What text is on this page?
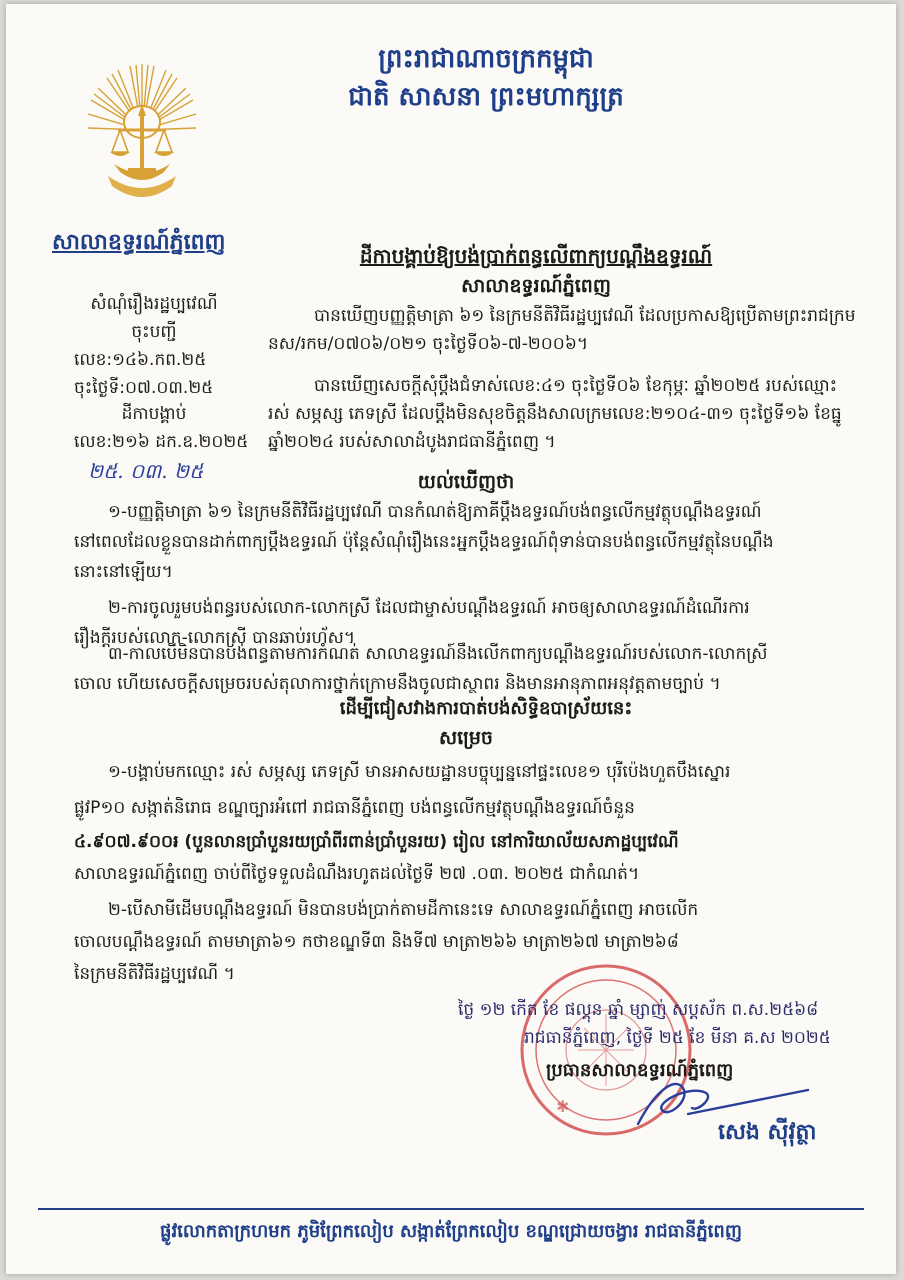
ព្រះរាជាណាចក្រកម្ពុជា
ជាតិ សាសនា ព្រះមហាក្សត្រ
សាលាឧទ្ធរណ៍ភ្នំពេញ
សំណុំរឿងរដ្ឋប្បវេណី
ចុះបញ្ជី
លេខ:១៤៦.កព.២៥
ចុះថ្ងៃទី:០៧.០៣.២៥
ដីកាបង្គាប់
លេខ:២១៦ ដក.ឧ.២០២៥
២៥. ០៣. ២៥
ដីកាបង្គាប់ឱ្យបង់ប្រាក់ពន្ធលើពាក្យបណ្តឹងឧទ្ធរណ៍
សាលាឧទ្ធរណ៍ភ្នំពេញ
បានឃើញបញ្ញត្តិមាត្រា ៦១ នៃក្រមនីតិវិធីរដ្ឋប្បវេណី ដែលប្រកាសឱ្យប្រើតាមព្រះរាជក្រម
នស/រកម/០៧០៦/០២១ ចុះថ្ងៃទី០៦-៧-២០០៦។
បានឃើញសេចក្តីសុំប្តឹងជំទាស់លេខ:៤១ ចុះថ្ងៃទី០៦ ខែកុម្ភៈ ឆ្នាំ២០២៥ របស់ឈ្មោះ
រស់ សម្ភស្ស ភេទស្រី ដែលប្តឹងមិនសុខចិត្តនឹងសាលក្រមលេខ:២១០៤-៣១ ចុះថ្ងៃទី១៦ ខែធ្នូ
ឆ្នាំ២០២៤ របស់សាលាដំបូងរាជធានីភ្នំពេញ ។
យល់ឃើញថា
១-បញ្ញត្តិមាត្រា ៦១ នៃក្រមនីតិវិធីរដ្ឋប្បវេណី បានកំណត់ឱ្យភាគីប្តឹងឧទ្ធរណ៍បង់ពន្ធលើកម្មវត្ថុបណ្តឹងឧទ្ធរណ៍
នៅពេលដែលខ្លួនបានដាក់ពាក្យប្តឹងឧទ្ធរណ៍ ប៉ុន្តែសំណុំរឿងនេះអ្នកប្តឹងឧទ្ធរណ៍ពុំទាន់បានបង់ពន្ធលើកម្មវត្ថុនៃបណ្តឹង
នោះនៅឡើយ។
២-ការចូលរួមបង់ពន្ធរបស់លោក-លោកស្រី ដែលជាម្ចាស់បណ្តឹងឧទ្ធរណ៍ អាចឲ្យសាលាឧទ្ធរណ៍ដំណើរការ
រឿងក្តីរបស់លោក-លោកស្រី បានឆាប់រហ័ស។
៣-កាលបើមិនបានបង់ពន្ធតាមការកំណត់ សាលាឧទ្ធរណ៍នឹងលើកពាក្យបណ្តឹងឧទ្ធរណ៍របស់លោក-លោកស្រី
ចោល ហើយសេចក្តីសម្រេចរបស់តុលាការថ្នាក់ក្រោមនឹងចូលជាស្ថាពរ និងមានអានុភាពអនុវត្តតាមច្បាប់ ។
ដើម្បីជៀសវាងការបាត់បង់សិទ្ធិឧបាស្រ័យនេះ
សម្រេច
១-បង្គាប់មកឈ្មោះ រស់ សម្ភស្ស ភេទស្រី មានអាសយដ្ឋានបច្ចុប្បន្ននៅផ្ទះលេខ១ បុរីប៉េងហួតបឹងស្នោរ
ផ្លូវP១០ សង្កាត់និរោធ ខណ្ឌច្បារអំពៅ រាជធានីភ្នំពេញ បង់ពន្ធលើកម្មវត្ថុបណ្តឹងឧទ្ធរណ៍ចំនួន
៤.៩០៧.៩០០៛ (បួនលានប្រាំបួនរយប្រាំពីរពាន់ប្រាំបួនរយ) រៀល នៅការិយាល័យសភាដ្ឋប្បវេណី
សាលាឧទ្ធរណ៍ភ្នំពេញ ចាប់ពីថ្ងៃទទួលដំណឹងរហូតដល់ថ្ងៃទី ២៧ .០៣. ២០២៥ ជាកំណត់។
២-បើសាមីដើមបណ្តឹងឧទ្ធរណ៍ មិនបានបង់ប្រាក់តាមដីកានេះទេ សាលាឧទ្ធរណ៍ភ្នំពេញ អាចលើក
ចោលបណ្តឹងឧទ្ធរណ៍ តាមមាត្រា៦១ កថាខណ្ឌទី៣ និងទី៧ មាត្រា២៦៦ មាត្រា២៦៧ មាត្រា២៦៨
នៃក្រមនីតិវិធីរដ្ឋប្បវេណី ។
✱
ថ្ងៃ ១២ កើត ខែ ផល្គុន ឆ្នាំ ម្សាញ់ សប្តស័ក ព.ស.២៥៦៨
រាជធានីភ្នំពេញ, ថ្ងៃទី ២៥ ខែ មីនា គ.ស ២០២៥
ប្រធានសាលាឧទ្ធរណ៍ភ្នំពេញ
សេង ស៊ីវុត្ថា
ផ្លូវលោកតាក្រហមក ភូមិព្រែកលៀប សង្កាត់ព្រែកលៀប ខណ្ឌជ្រោយចង្វារ រាជធានីភ្នំពេញ
